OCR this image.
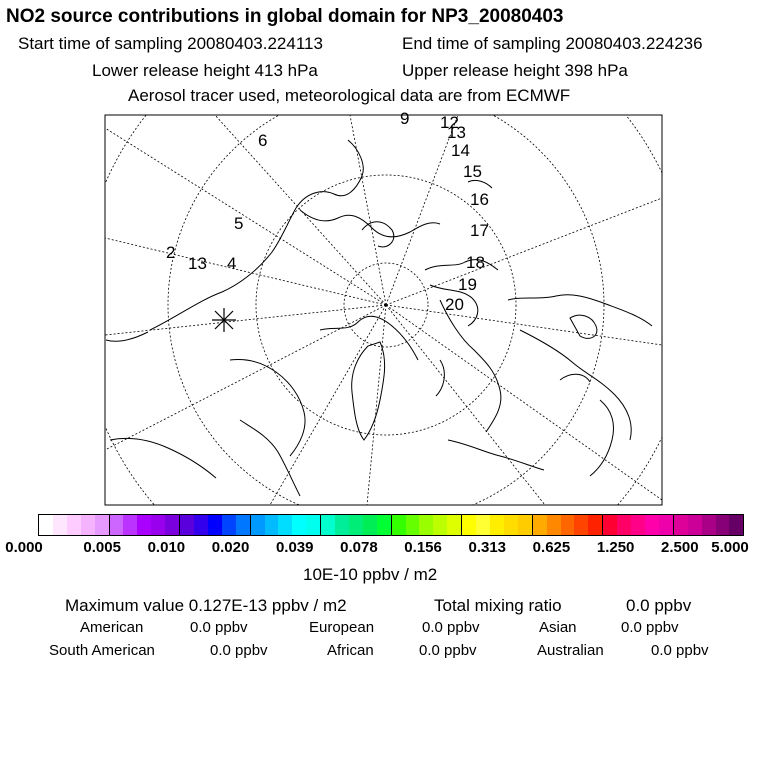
NO2 source contributions in global domain for NP3_20080403
Start time of sampling 20080403.224113	End time of sampling 20080403.224236
Lower release height 413 hPa	Upper release height 398 hPa
Aerosol tracer used, meteorological data are from ECMWF
2
13 4
5
6
9 12
13
14
15
16
17
18
19
20
0.000	0.005 0.010 0.020 0.039 0.078 0.156 0.313 0.625 1.250 2.500 5.000
10E-10 ppbv / m2
Maximum value 0.127E-13 ppbv / m2	Total mixing ratio	0.0 ppbv
American	0.0 ppbv	European	0.0 ppbv	Asian	0.0 ppbv
South American	0.0 ppbv	African	0.0 ppbv	Australian	0.0 ppbv
